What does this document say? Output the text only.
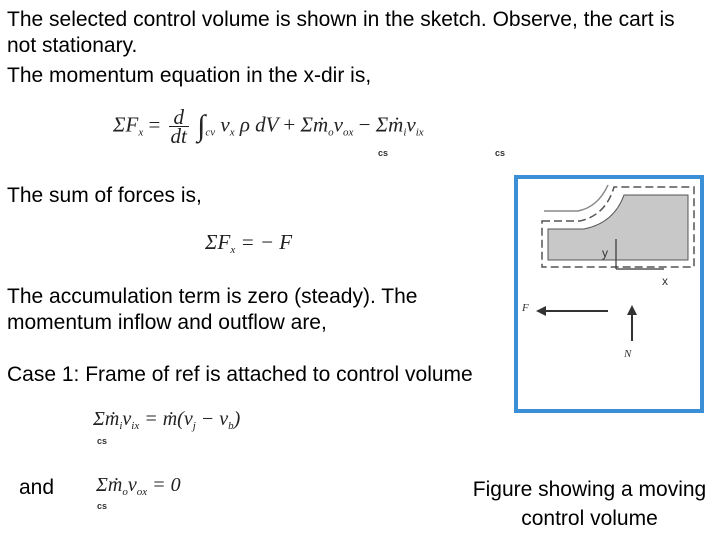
The selected control volume is shown in the sketch. Observe, the cart is not stationary.
The momentum equation in the x-dir is,
$\Sigma F_x = \frac{d}{dt} \int_{cv}$ $\nu_x$ ρ dV + $\Sigma ṁ_o\nu_{ox}$ − $\Sigma ṁ_i\nu_{ix}$
cs	cs
The sum of forces is,
$\Sigma F_x$ = − F
The accumulation term is zero (steady). The momentum inflow and outflow are,
Case 1: Frame of ref is attached to control volume
$\Sigma ṁ_i\nu_{ix}$ = $ṁ(\nu_j - \nu_b)$
cs
and $\Sigma ṁ_o\nu_{ox} = 0$
cs
y
x
F
N
Figure showing a moving control volume
